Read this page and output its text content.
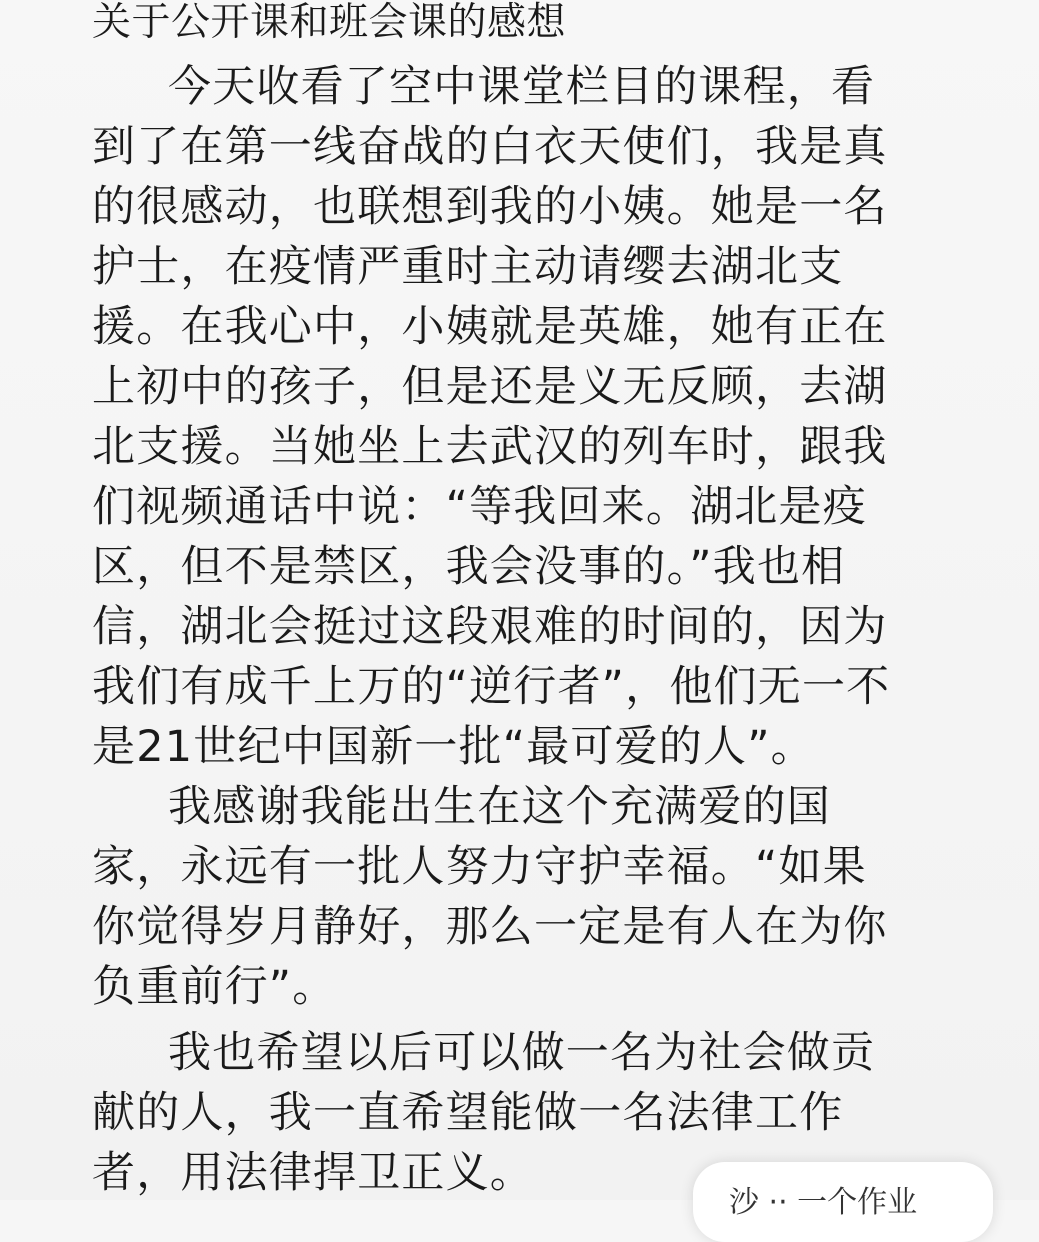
关于公开课和班会课的感想
今天收看了空中课堂栏目的课程，看
到了在第一线奋战的白衣天使们，我是真
的很感动，也联想到我的小姨。她是一名
护士，在疫情严重时主动请缨去湖北支
援。在我心中，小姨就是英雄，她有正在
上初中的孩子，但是还是义无反顾，去湖
北支援。当她坐上去武汉的列车时，跟我
们视频通话中说：“等我回来。湖北是疫
区，但不是禁区，我会没事的。”我也相
信，湖北会挺过这段艰难的时间的，因为
我们有成千上万的“逆行者”，他们无一不
是21世纪中国新一批“最可爱的人”。
我感谢我能出生在这个充满爱的国
家，永远有一批人努力守护幸福。“如果
你觉得岁月静好，那么一定是有人在为你
负重前行”。
我也希望以后可以做一名为社会做贡
献的人，我一直希望能做一名法律工作
者，用法律捍卫正义。
沙 ·· 一个作业
